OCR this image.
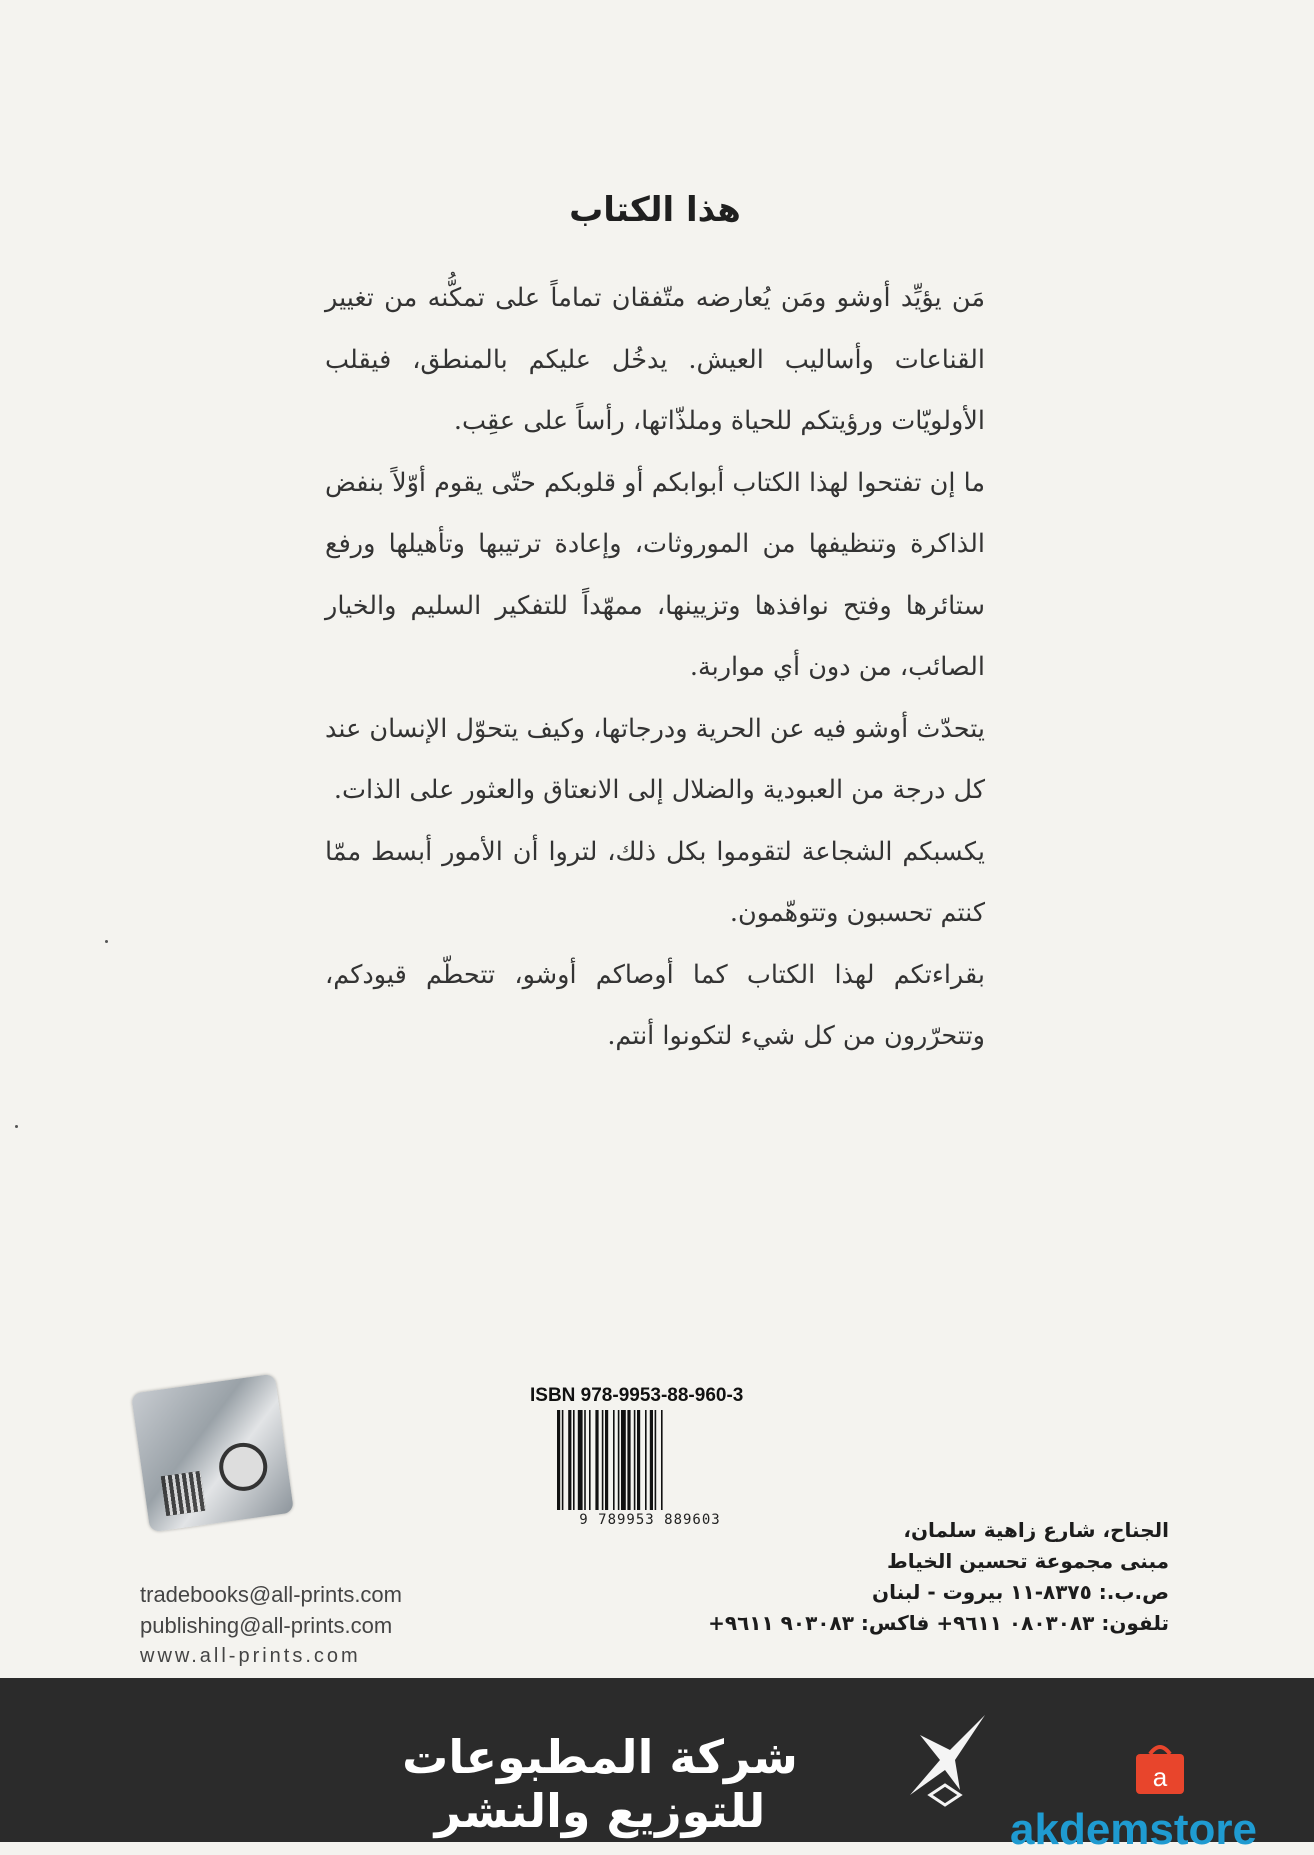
هذا الكتاب

مَن يؤيِّد أوشو ومَن يُعارضه متّفقان تماماً على تمكُّنه من تغيير القناعات وأساليب العيش. يدخُل عليكم بالمنطق، فيقلب الأولويّات ورؤيتكم للحياة وملذّاتها، رأساً على عقِب.

ما إن تفتحوا لهذا الكتاب أبوابكم أو قلوبكم حتّى يقوم أوّلاً بنفض الذاكرة وتنظيفها من الموروثات، وإعادة ترتيبها وتأهيلها ورفع ستائرها وفتح نوافذها وتزيينها، ممهّداً للتفكير السليم والخيار الصائب، من دون أي مواربة.

يتحدّث أوشو فيه عن الحرية ودرجاتها، وكيف يتحوّل الإنسان عند كل درجة من العبودية والضلال إلى الانعتاق والعثور على الذات.

يكسبكم الشجاعة لتقوموا بكل ذلك، لتروا أن الأمور أبسط ممّا كنتم تحسبون وتتوهّمون.

بقراءتكم لهذا الكتاب كما أوصاكم أوشو، تتحطّم قيودكم، وتتحرّرون من كل شيء لتكونوا أنتم.

ISBN 978-9953-88-960-3
9 789953 889603	الجناح، شارع زاهية سلمان،
مبنى مجموعة تحسين الخياط
ص.ب.: ٨٣٧٥-١١ بيروت - لبنان
تلفون: ٠٨٠٣٠٨٣ ٩٦١١+ فاكس: ٩٠٣٠٨٣ ٩٦١١+
tradebooks@all-prints.com
publishing@all-prints.com
www.all-prints.com
شركة المطبوعات للتوزيع والنشر
a
akdemstore
